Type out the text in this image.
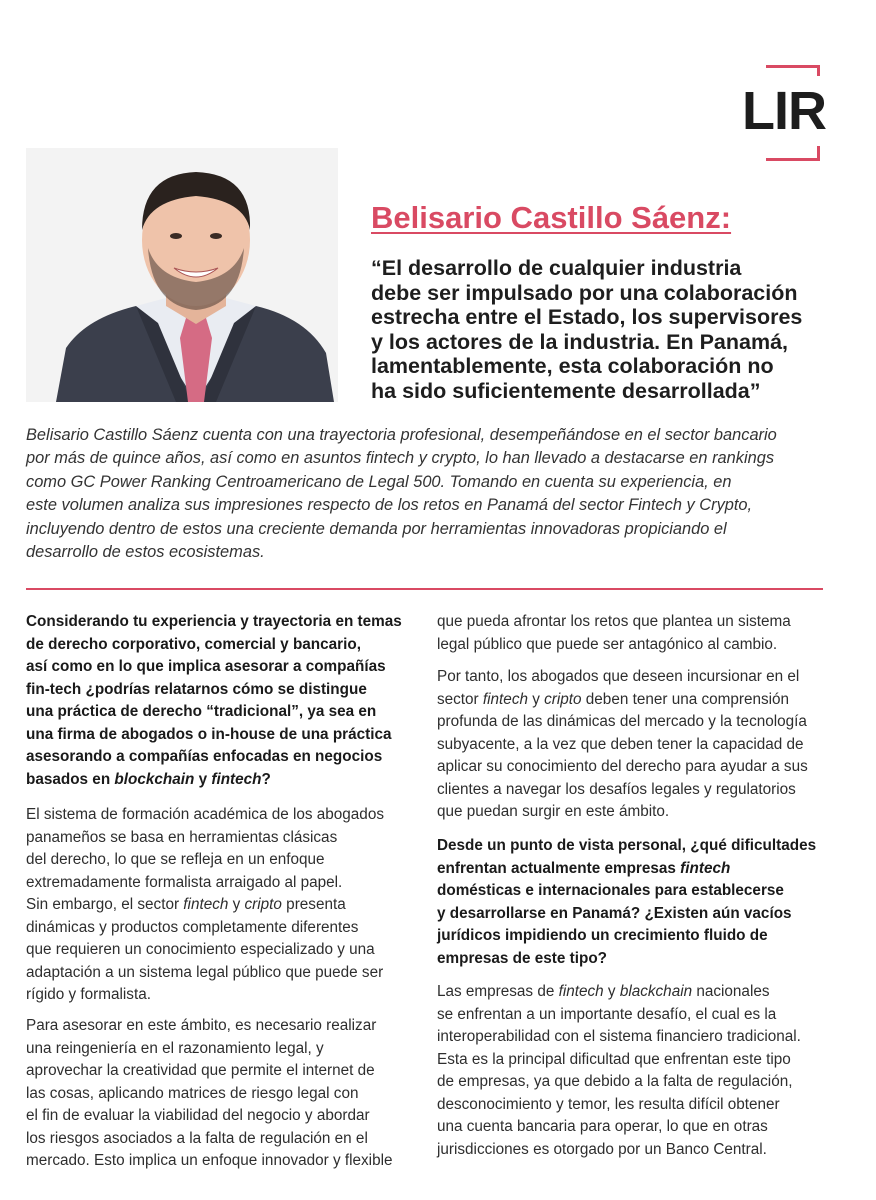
LIR
Belisario Castillo Sáenz:
“El desarrollo de cualquier industria
debe ser impulsado por una colaboración
estrecha entre el Estado, los supervisores
y los actores de la industria. En Panamá,
lamentablemente, esta colaboración no
ha sido suficientemente desarrollada”
Belisario Castillo Sáenz cuenta con una trayectoria profesional, desempeñándose en el sector bancario
por más de quince años, así como en asuntos fintech y crypto, lo han llevado a destacarse en rankings
como GC Power Ranking Centroamericano de Legal 500. Tomando en cuenta su experiencia, en
este volumen analiza sus impresiones respecto de los retos en Panamá del sector Fintech y Crypto,
incluyendo dentro de estos una creciente demanda por herramientas innovadoras propiciando el
desarrollo de estos ecosistemas.
Considerando tu experiencia y trayectoria en temas
de derecho corporativo, comercial y bancario,
así como en lo que implica asesorar a compañías
fin-tech ¿podrías relatarnos cómo se distingue
una práctica de derecho “tradicional”, ya sea en
una firma de abogados o in-house de una práctica
asesorando a compañías enfocadas en negocios
basados en blockchain y fintech?
El sistema de formación académica de los abogados
panameños se basa en herramientas clásicas
del derecho, lo que se refleja en un enfoque
extremadamente formalista arraigado al papel.
Sin embargo, el sector fintech y cripto presenta
dinámicas y productos completamente diferentes
que requieren un conocimiento especializado y una
adaptación a un sistema legal público que puede ser
rígido y formalista.
Para asesorar en este ámbito, es necesario realizar
una reingeniería en el razonamiento legal, y
aprovechar la creatividad que permite el internet de
las cosas, aplicando matrices de riesgo legal con
el fin de evaluar la viabilidad del negocio y abordar
los riesgos asociados a la falta de regulación en el
mercado. Esto implica un enfoque innovador y flexible
que pueda afrontar los retos que plantea un sistema
legal público que puede ser antagónico al cambio.
Por tanto, los abogados que deseen incursionar en el
sector fintech y cripto deben tener una comprensión
profunda de las dinámicas del mercado y la tecnología
subyacente, a la vez que deben tener la capacidad de
aplicar su conocimiento del derecho para ayudar a sus
clientes a navegar los desafíos legales y regulatorios
que puedan surgir en este ámbito.
Desde un punto de vista personal, ¿qué dificultades
enfrentan actualmente empresas fintech
domésticas e internacionales para establecerse
y desarrollarse en Panamá? ¿Existen aún vacíos
jurídicos impidiendo un crecimiento fluido de
empresas de este tipo?
Las empresas de fintech y blackchain nacionales
se enfrentan a un importante desafío, el cual es la
interoperabilidad con el sistema financiero tradicional.
Esta es la principal dificultad que enfrentan este tipo
de empresas, ya que debido a la falta de regulación,
desconocimiento y temor, les resulta difícil obtener
una cuenta bancaria para operar, lo que en otras
jurisdicciones es otorgado por un Banco Central.
